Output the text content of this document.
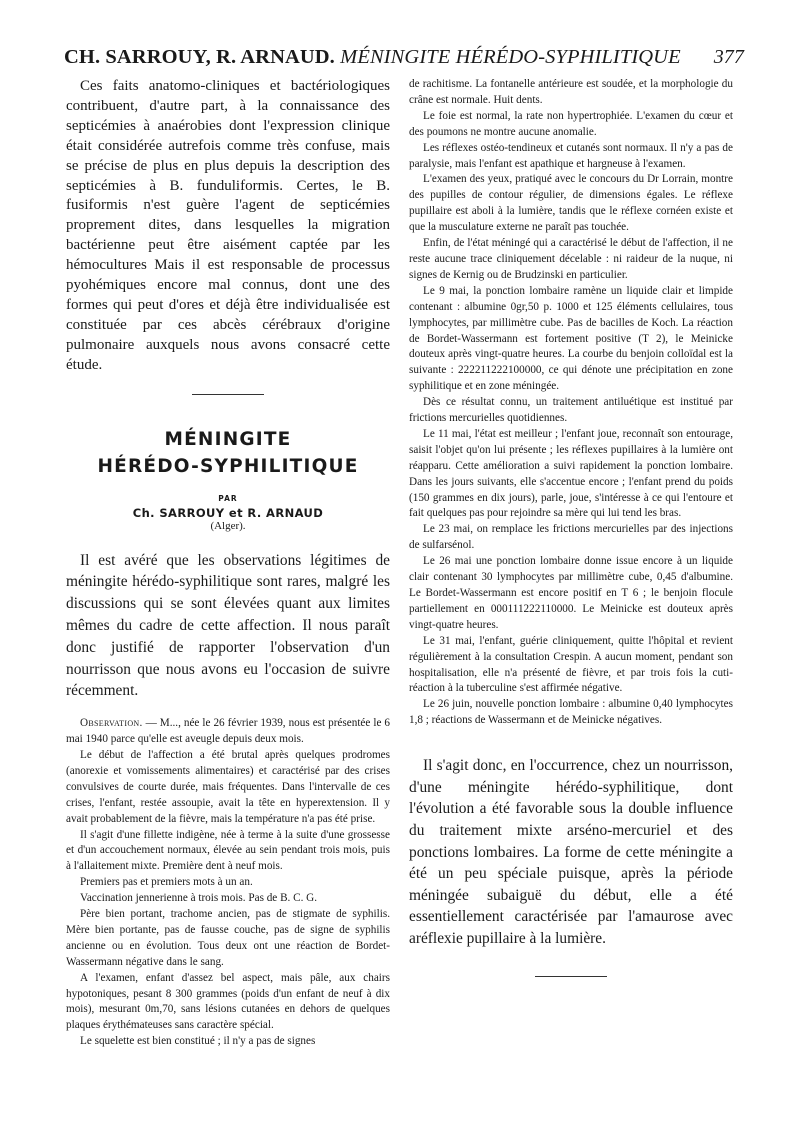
CH. SARROUY, R. ARNAUD. MÉNINGITE HÉRÉDO-SYPHILITIQUE 377

Ces faits anatomo-cliniques et bactériologiques contribuent, d'autre part, à la connaissance des septicémies à anaérobies dont l'expression clinique était considérée autrefois comme très confuse, mais se précise de plus en plus depuis la description des septicémies à B. funduliformis. Certes, le B. fusiformis n'est guère l'agent de septicémies proprement dites, dans lesquelles la migration bactérienne peut être aisément captée par les hémocultures Mais il est responsable de processus pyohémiques encore mal connus, dont une des formes qui peut d'ores et déjà être individualisée est constituée par ces abcès cérébraux d'origine pulmonaire auxquels nous avons consacré cette étude.

MÉNINGITE

HÉRÉDO-SYPHILITIQUE

PAR

Ch. SARROUY et R. ARNAUD

(Alger).

Il est avéré que les observations légitimes de méningite hérédo-syphilitique sont rares, malgré les discussions qui se sont élevées quant aux limites mêmes du cadre de cette affection. Il nous paraît donc justifié de rapporter l'observation d'un nourrisson que nous avons eu l'occasion de suivre récemment.

Observation. — M..., née le 26 février 1939, nous est présentée le 6 mai 1940 parce qu'elle est aveugle depuis deux mois.

Le début de l'affection a été brutal après quelques prodromes (anorexie et vomissements alimentaires) et caractérisé par des crises convulsives de courte durée, mais fréquentes. Dans l'intervalle de ces crises, l'enfant, restée assoupie, avait la tête en hyperextension. Il y avait probablement de la fièvre, mais la température n'a pas été prise.

Il s'agit d'une fillette indigène, née à terme à la suite d'une grossesse et d'un accouchement normaux, élevée au sein pendant trois mois, puis à l'allaitement mixte. Première dent à neuf mois.

Premiers pas et premiers mots à un an.

Vaccination jennerienne à trois mois. Pas de B. C. G.

Père bien portant, trachome ancien, pas de stigmate de syphilis. Mère bien portante, pas de fausse couche, pas de signe de syphilis ancienne ou en évolution. Tous deux ont une réaction de Bordet-Wassermann négative dans le sang.

A l'examen, enfant d'assez bel aspect, mais pâle, aux chairs hypotoniques, pesant 8 300 grammes (poids d'un enfant de neuf à dix mois), mesurant 0m,70, sans lésions cutanées en dehors de quelques plaques érythémateuses sans caractère spécial.

Le squelette est bien constitué ; il n'y a pas de signes

de rachitisme. La fontanelle antérieure est soudée, et la morphologie du crâne est normale. Huit dents.

Le foie est normal, la rate non hypertrophiée. L'examen du cœur et des poumons ne montre aucune anomalie.

Les réflexes ostéo-tendineux et cutanés sont normaux. Il n'y a pas de paralysie, mais l'enfant est apathique et hargneuse à l'examen.

L'examen des yeux, pratiqué avec le concours du Dr Lorrain, montre des pupilles de contour régulier, de dimensions égales. Le réflexe pupillaire est aboli à la lumière, tandis que le réflexe cornéen existe et que la musculature externe ne paraît pas touchée.

Enfin, de l'état méningé qui a caractérisé le début de l'affection, il ne reste aucune trace cliniquement décelable : ni raideur de la nuque, ni signes de Kernig ou de Brudzinski en particulier.

Le 9 mai, la ponction lombaire ramène un liquide clair et limpide contenant : albumine 0gr,50 p. 1000 et 125 éléments cellulaires, tous lymphocytes, par millimètre cube. Pas de bacilles de Koch. La réaction de Bordet-Wassermann est fortement positive (T 2), le Meinicke douteux après vingt-quatre heures. La courbe du benjoin colloïdal est la suivante : 222211222100000, ce qui dénote une précipitation en zone syphilitique et en zone méningée.

Dès ce résultat connu, un traitement antiluétique est institué par frictions mercurielles quotidiennes.

Le 11 mai, l'état est meilleur ; l'enfant joue, reconnaît son entourage, saisit l'objet qu'on lui présente ; les réflexes pupillaires à la lumière ont réapparu. Cette amélioration a suivi rapidement la ponction lombaire. Dans les jours suivants, elle s'accentue encore ; l'enfant prend du poids (150 grammes en dix jours), parle, joue, s'intéresse à ce qui l'entoure et fait quelques pas pour rejoindre sa mère qui lui tend les bras.

Le 23 mai, on remplace les frictions mercurielles par des injections de sulfarsénol.

Le 26 mai une ponction lombaire donne issue encore à un liquide clair contenant 30 lymphocytes par millimètre cube, 0,45 d'albumine. Le Bordet-Wassermann est encore positif en T 6 ; le benjoin flocule partiellement en 000111222110000. Le Meinicke est douteux après vingt-quatre heures.

Le 31 mai, l'enfant, guérie cliniquement, quitte l'hôpital et revient régulièrement à la consultation Crespin. A aucun moment, pendant son hospitalisation, elle n'a présenté de fièvre, et par trois fois la cuti-réaction à la tuberculine s'est affirmée négative.

Le 26 juin, nouvelle ponction lombaire : albumine 0,40 lymphocytes 1,8 ; réactions de Wassermann et de Meinicke négatives.

Il s'agit donc, en l'occurrence, chez un nourrisson, d'une méningite hérédo-syphilitique, dont l'évolution a été favorable sous la double influence du traitement mixte arséno-mercuriel et des ponctions lombaires. La forme de cette méningite a été un peu spéciale puisque, après la période méningée subaiguë du début, elle a été essentiellement caractérisée par l'amaurose avec aréflexie pupillaire à la lumière.
